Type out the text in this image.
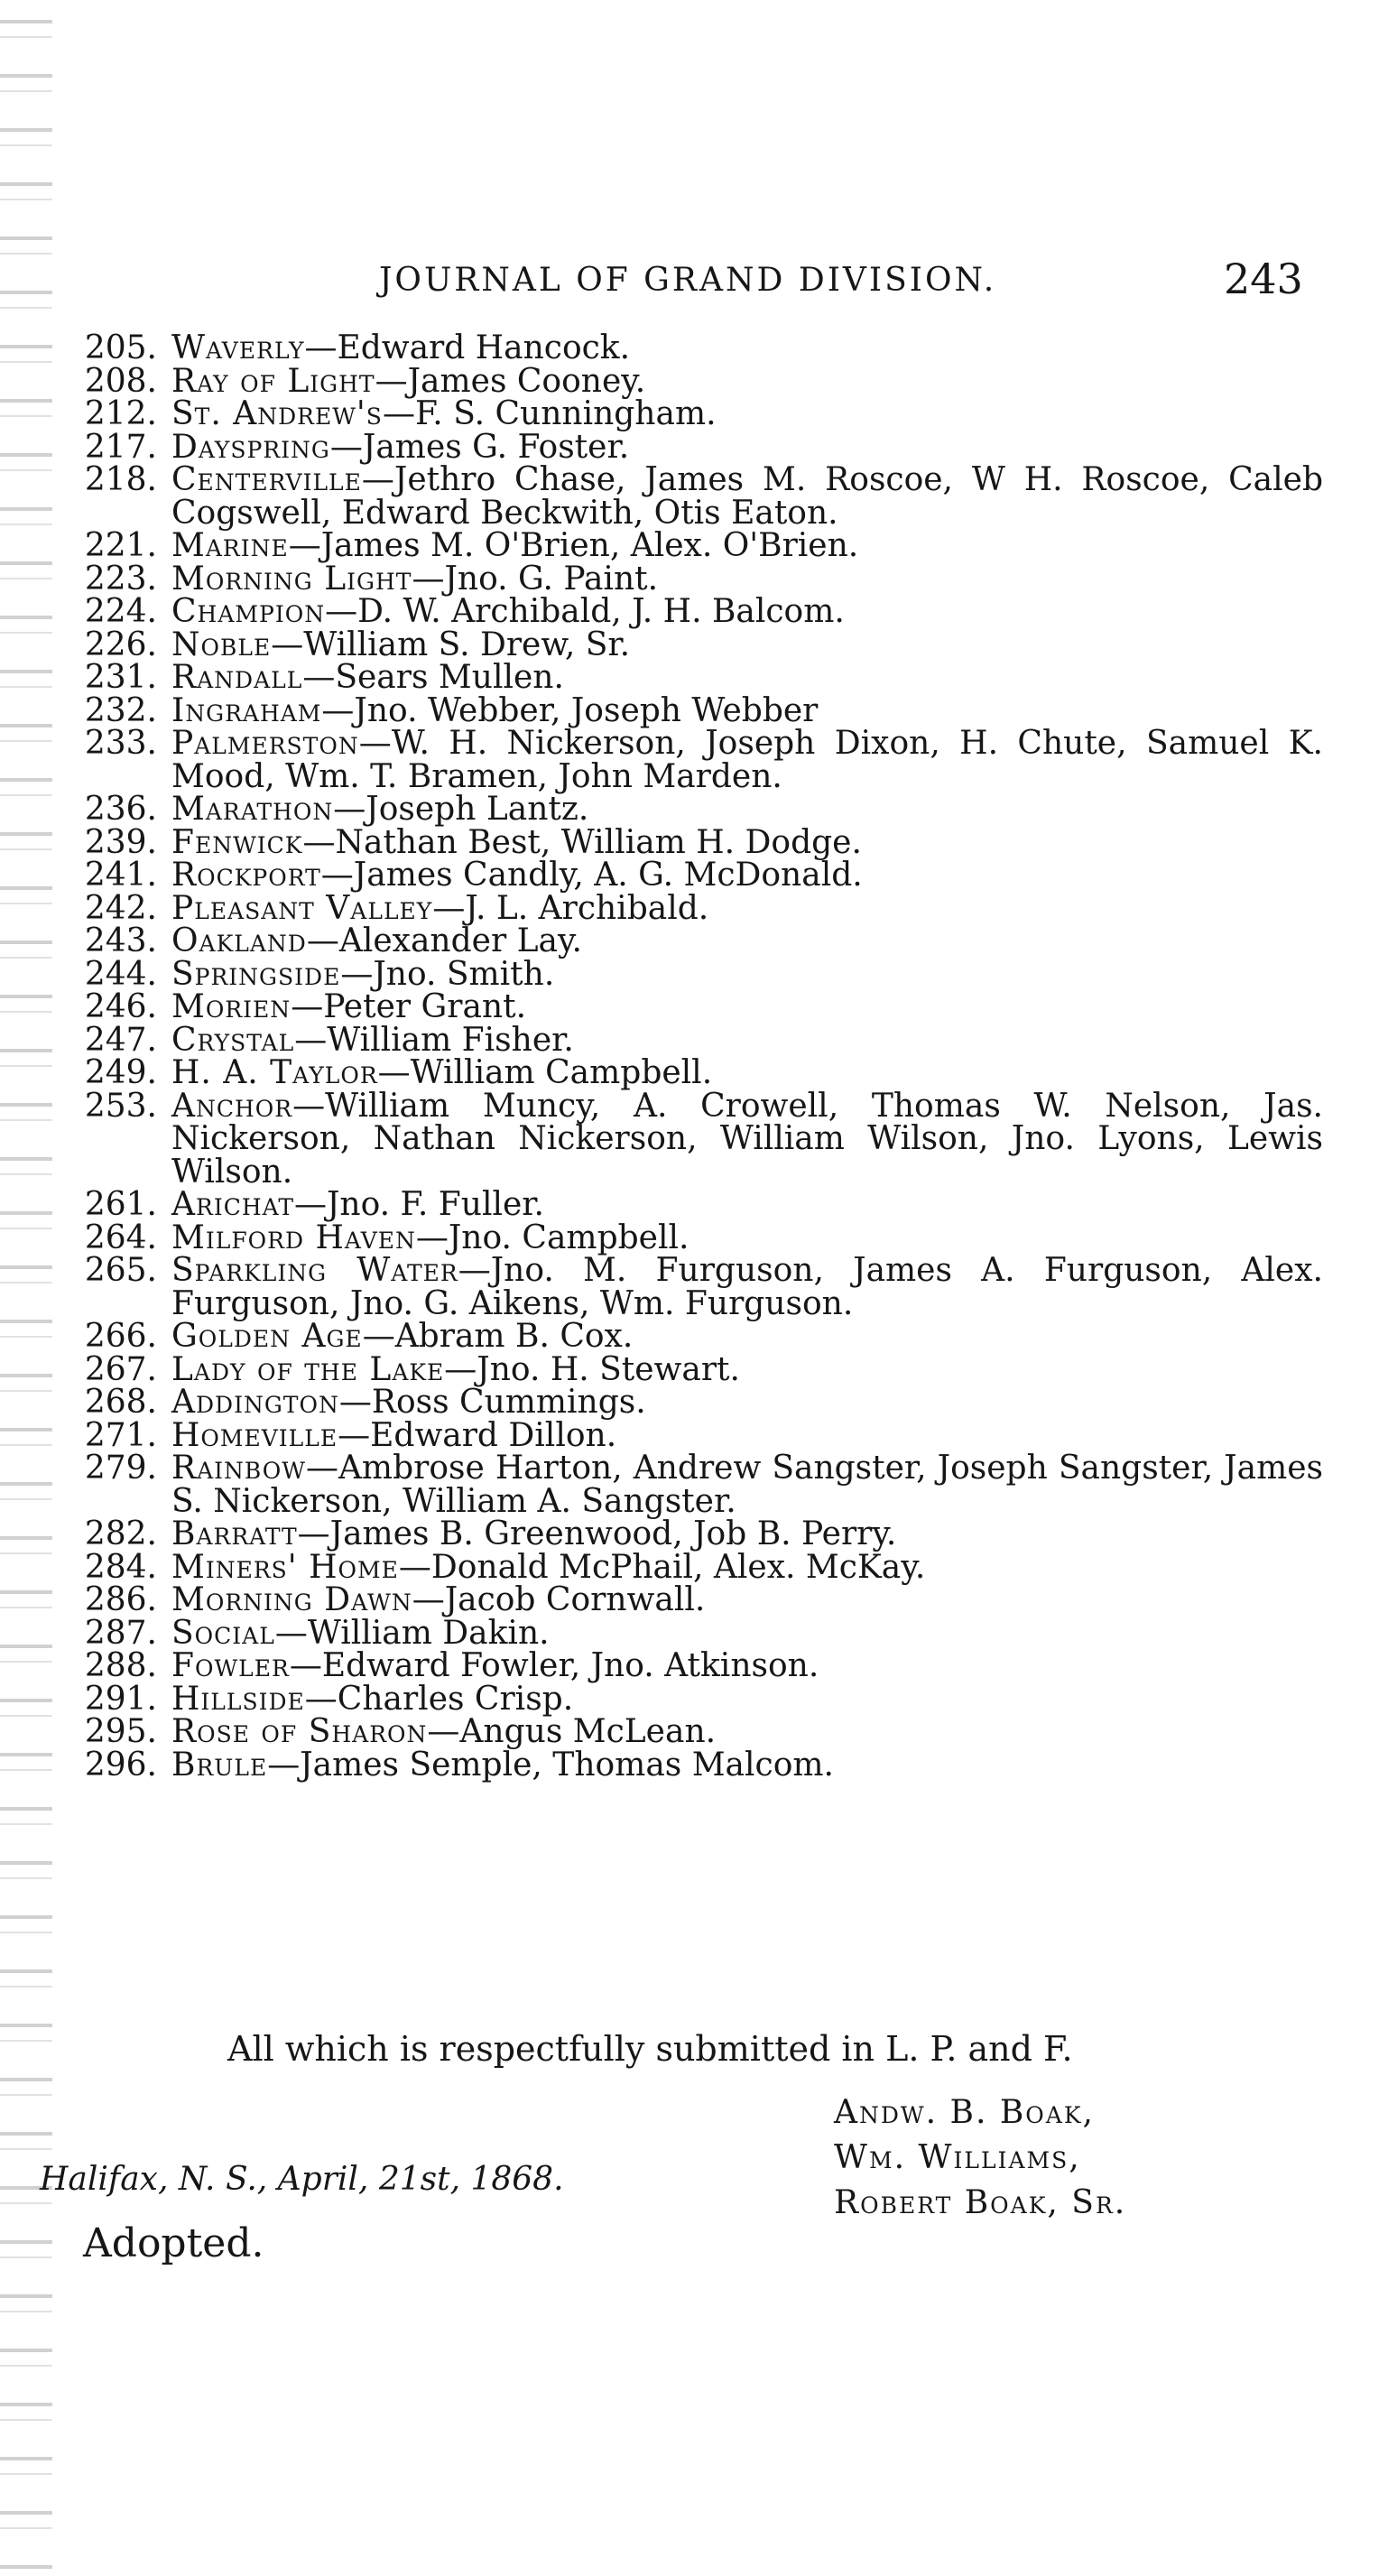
JOURNAL OF GRAND DIVISION.	243
205. Waverly—Edward Hancock.
208. Ray of Light—James Cooney.
212. St. Andrew's—F. S. Cunningham.
217. Dayspring—James G. Foster.
218. Centerville—Jethro Chase, James M. Roscoe, W H. Roscoe, Caleb Cogswell, Edward Beckwith, Otis Eaton.
221. Marine—James M. O'Brien, Alex. O'Brien.
223. Morning Light—Jno. G. Paint.
224. Champion—D. W. Archibald, J. H. Balcom.
226. Noble—William S. Drew, Sr.
231. Randall—Sears Mullen.
232. Ingraham—Jno. Webber, Joseph Webber
233. Palmerston—W. H. Nickerson, Joseph Dixon, H. Chute, Samuel K. Mood, Wm. T. Bramen, John Marden.
236. Marathon—Joseph Lantz.
239. Fenwick—Nathan Best, William H. Dodge.
241. Rockport—James Candly, A. G. McDonald.
242. Pleasant Valley—J. L. Archibald.
243. Oakland—Alexander Lay.
244. Springside—Jno. Smith.
246. Morien—Peter Grant.
247. Crystal—William Fisher.
249. H. A. Taylor—William Campbell.
253. Anchor—William Muncy, A. Crowell, Thomas W. Nelson, Jas. Nickerson, Nathan Nickerson, William Wilson, Jno. Lyons, Lewis Wilson.
261. Arichat—Jno. F. Fuller.
264. Milford Haven—Jno. Campbell.
265. Sparkling Water—Jno. M. Furguson, James A. Furguson, Alex. Furguson, Jno. G. Aikens, Wm. Furguson.
266. Golden Age—Abram B. Cox.
267. Lady of the Lake—Jno. H. Stewart.
268. Addington—Ross Cummings.
271. Homeville—Edward Dillon.
279. Rainbow—Ambrose Harton, Andrew Sangster, Joseph Sangster, James S. Nickerson, William A. Sangster.
282. Barratt—James B. Greenwood, Job B. Perry.
284. Miners' Home—Donald McPhail, Alex. McKay.
286. Morning Dawn—Jacob Cornwall.
287. Social—William Dakin.
288. Fowler—Edward Fowler, Jno. Atkinson.
291. Hillside—Charles Crisp.
295. Rose of Sharon—Angus McLean.
296. Brule—James Semple, Thomas Malcom.
All which is respectfully submitted in L. P. and F.
Andw. B. Boak,
Wm. Williams,
Robert Boak, Sr.
Halifax, N. S., April, 21st, 1868.
Adopted.
